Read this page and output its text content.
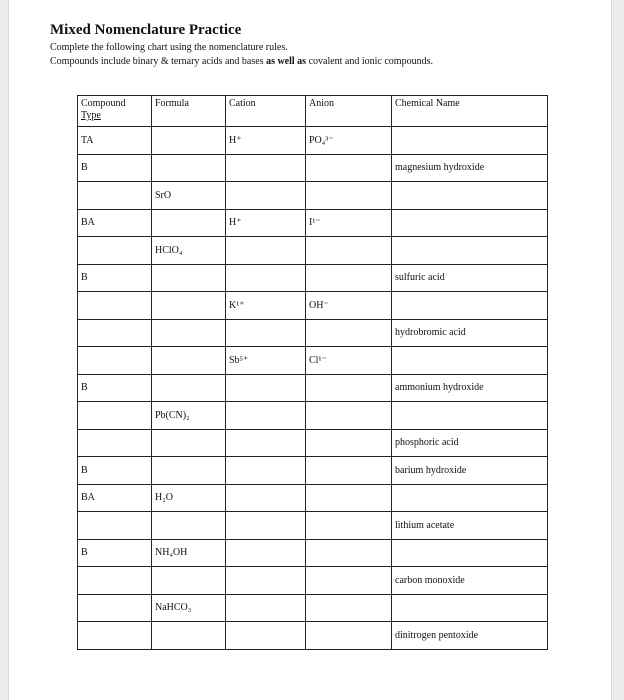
Mixed Nomenclature Practice
Complete the following chart using the nomenclature rules.
Compounds include binary & ternary acids and bases as well as covalent and ionic compounds.
Compound
Type	Formula	Cation	Anion	Chemical Name
TA		H⁺	PO₄³⁻	
B				magnesium hydroxide
	SrO			
BA		H⁺	I¹⁻	
	HClO₄			
B				sulfuric acid
		K¹⁺	OH⁻	
				hydrobromic acid
		Sb⁵⁺	Cl¹⁻	
B				ammonium hydroxide
	Pb(CN)₂			
				phosphoric acid
B				barium hydroxide
BA	H₂O			
				lithium acetate
B	NH₄OH			
				carbon monoxide
	NaHCO₃			
				dinitrogen pentoxide
